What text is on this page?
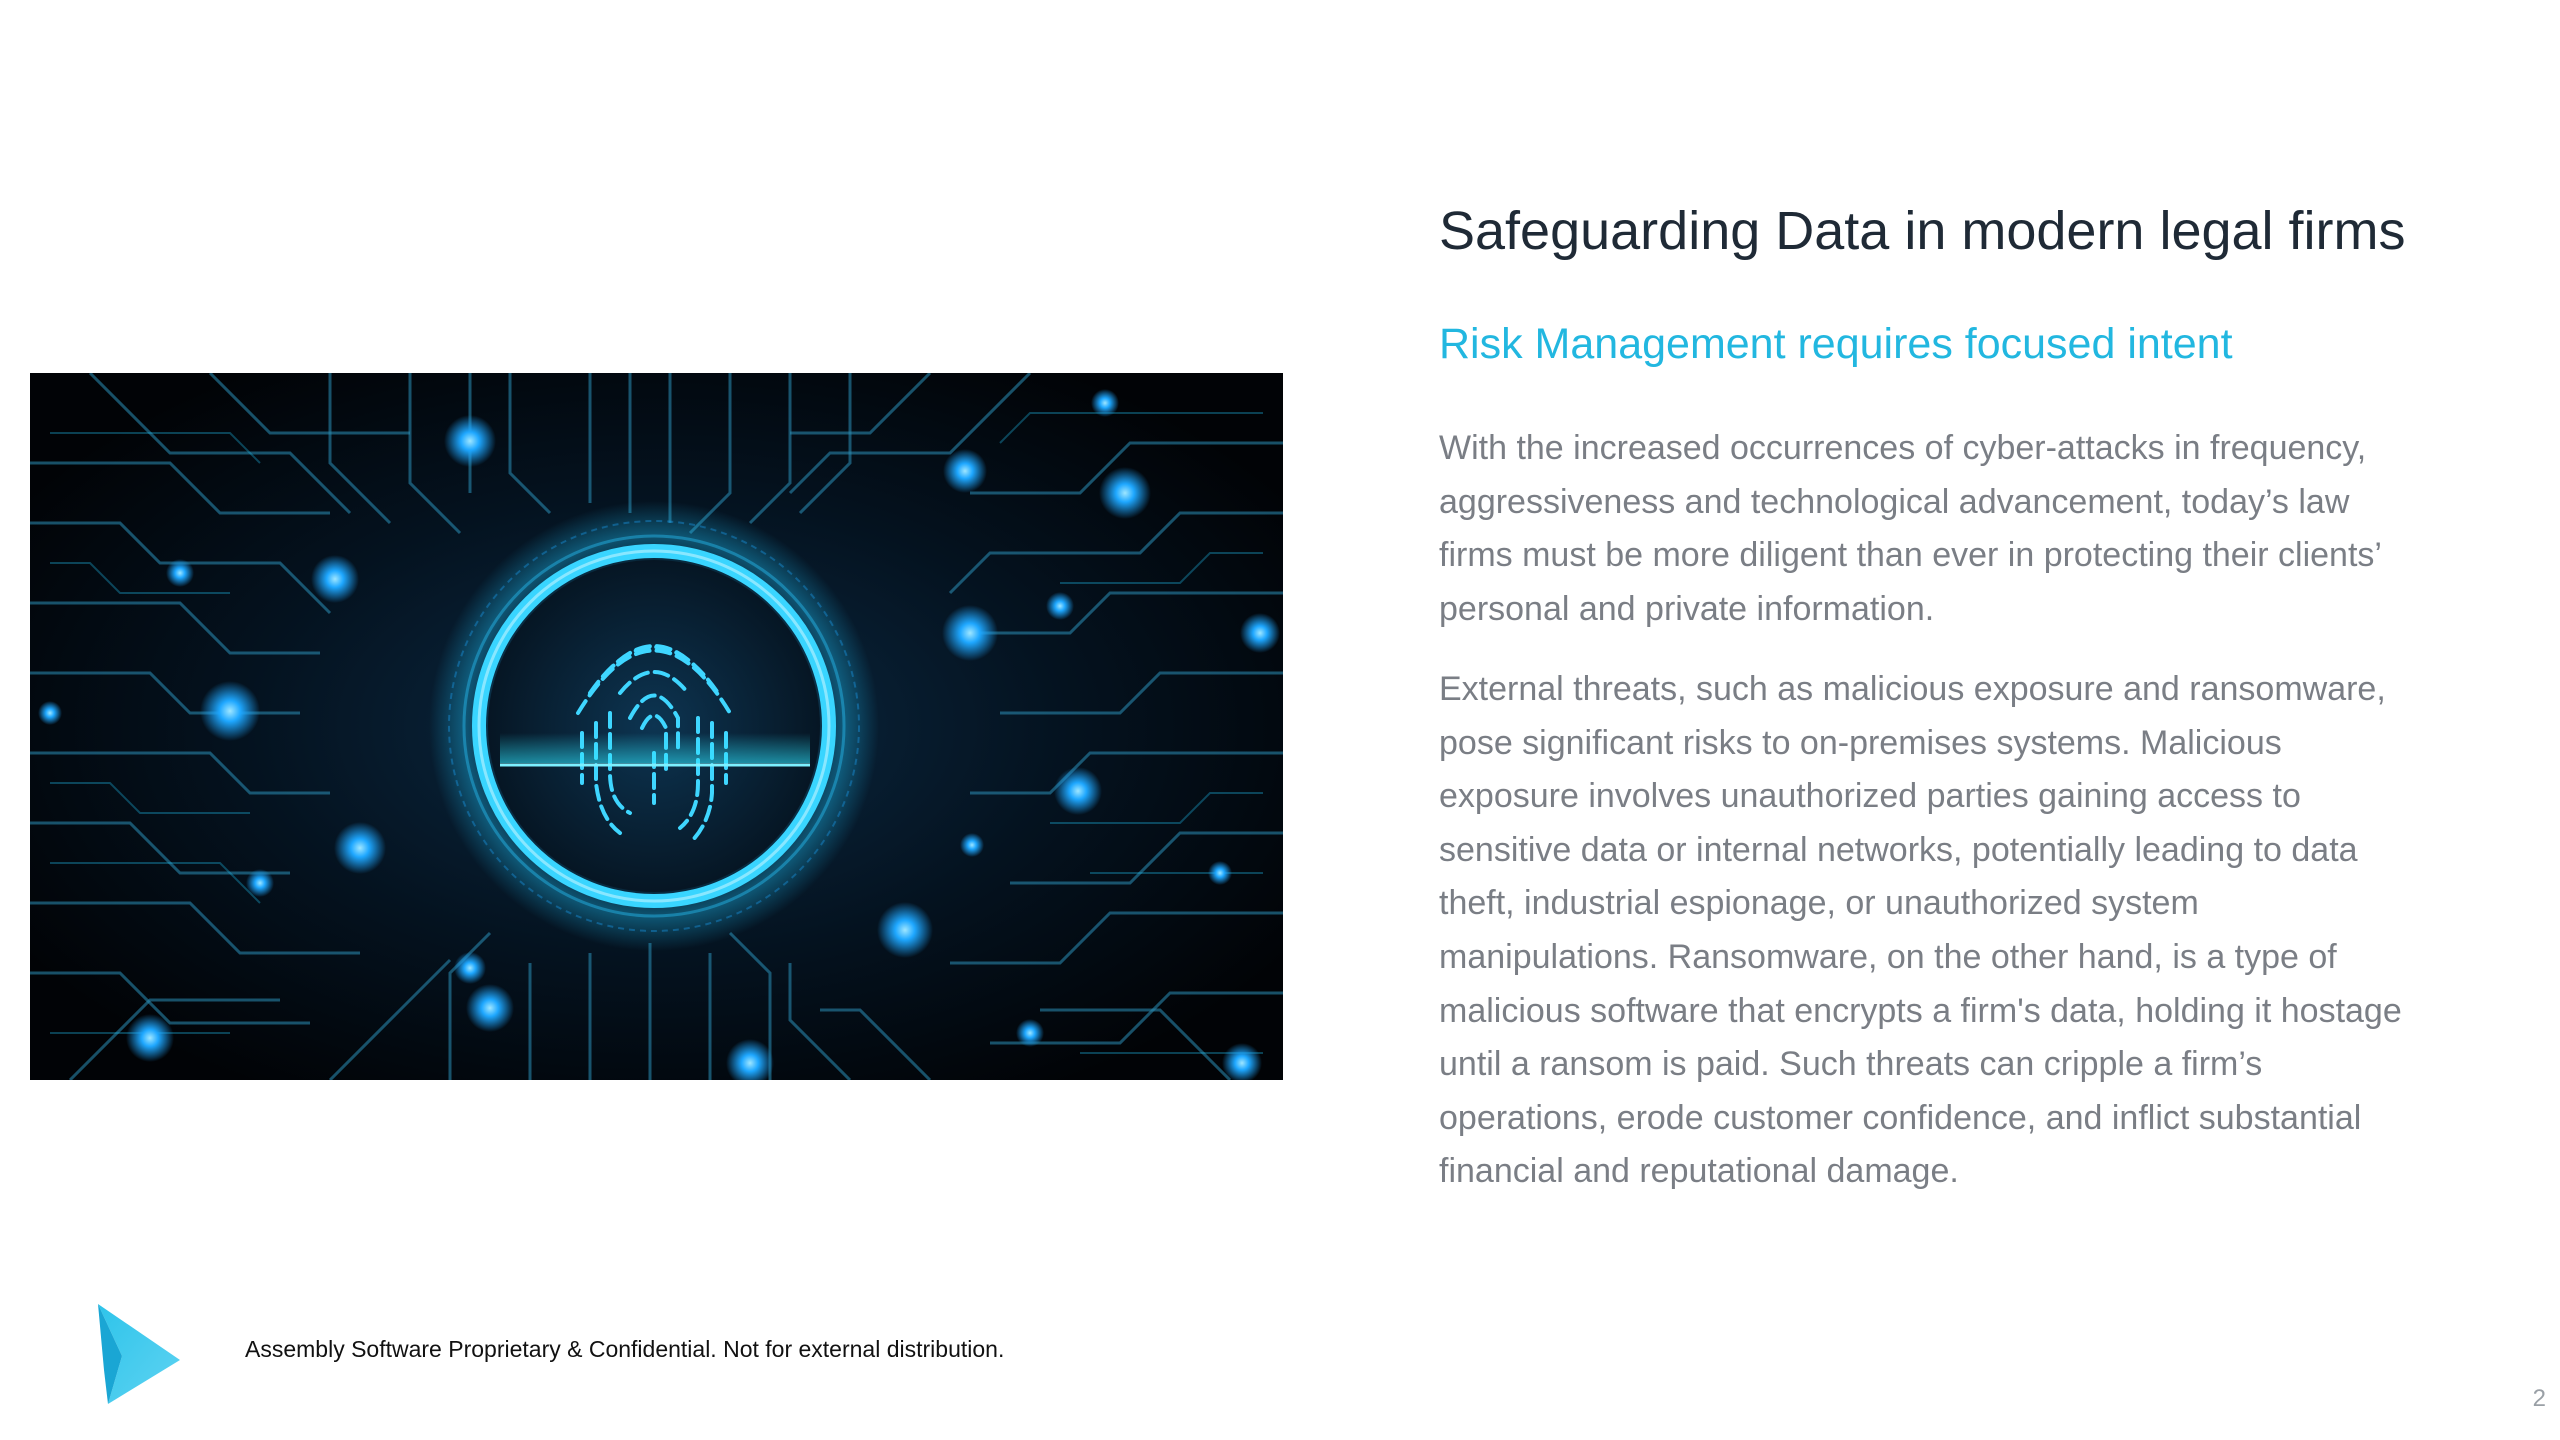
Safeguarding Data in modern legal firms
Risk Management requires focused intent

With the increased occurrences of cyber-attacks in frequency, aggressiveness and technological advancement, today’s law firms must be more diligent than ever in protecting their clients’ personal and private information.

External threats, such as malicious exposure and ransomware, pose significant risks to on-premises systems. Malicious exposure involves unauthorized parties gaining access to sensitive data or internal networks, potentially leading to data theft, industrial espionage, or unauthorized system manipulations. Ransomware, on the other hand, is a type of malicious software that encrypts a firm's data, holding it hostage until a ransom is paid. Such threats can cripple a firm’s operations, erode customer confidence, and inflict substantial financial and reputational damage.

Assembly Software Proprietary & Confidential. Not for external distribution.
2
